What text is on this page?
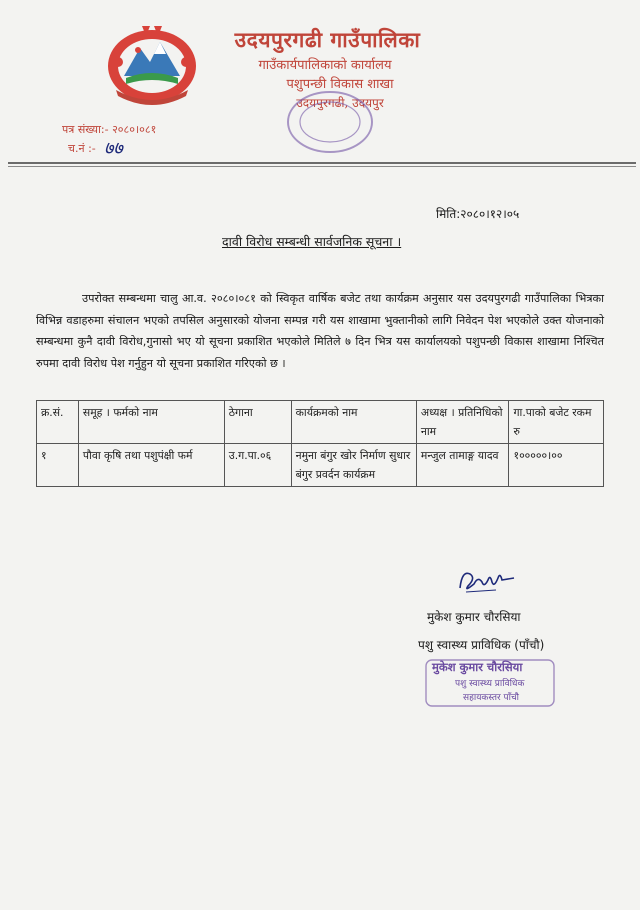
उदयपुरगढी गाउँपालिका
गाउँकार्यपालिकाको कार्यालय
पशुपन्छी विकास शाखा
उदयपुरगढी, उदयपुर
पत्र संख्या:- २०८०।०८१
च.नं :- ७७
मिति:२०८०।१२।०५
दावी विरोध सम्बन्धी सार्वजनिक सूचना ।
उपरोक्त सम्बन्धमा चालु आ.व. २०८०।०८१ को स्विकृत वार्षिक बजेट तथा कार्यक्रम अनुसार यस उदयपुरगढी गाउँपालिका भित्रका विभिन्न वडाहरुमा संचालन भएको तपसिल अनुसारको योजना सम्पन्न गरी यस शाखामा भुक्तानीको लागि निवेदन पेश भएकोले उक्त योजनाको सम्बन्धमा कुनै दावी विरोध,गुनासो भए यो सूचना प्रकाशित भएकोले मितिले ७ दिन भित्र यस कार्यालयको पशुपन्छी विकास शाखामा निश्चित रुपमा दावी विरोध पेश गर्नुहुन यो सूचना प्रकाशित गरिएको छ ।
क्र.सं.	समूह । फर्मको नाम	ठेगाना	कार्यक्रमको नाम	अध्यक्ष । प्रतिनिधिको नाम	गा.पाको बजेट रकम रु
१	पौवा कृषि तथा पशुपंक्षी फर्म	उ.ग.पा.०६	नमुना बंगुर खोर निर्माण सुधार बंगुर प्रवर्दन कार्यक्रम	मन्जुल तामाङ्ग यादव	१०००००।००
मुकेश कुमार चौरसिया
पशु स्वास्थ्य प्राविधिक (पाँचौ)
मुकेश कुमार चौरसिया
पशु स्वास्थ्य प्राविधिक
सहायकस्तर पाँचौ
